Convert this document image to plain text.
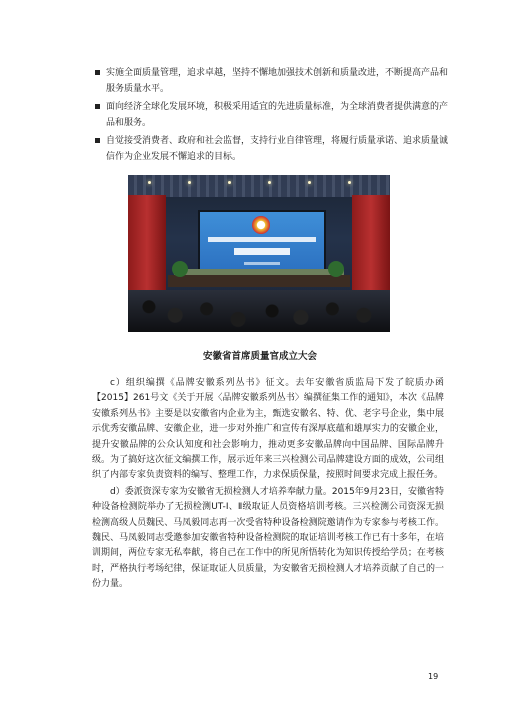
实施全面质量管理，追求卓越，坚持不懈地加强技术创新和质量改进，不断提高产品和服务质量水平。
面向经济全球化发展环境，积极采用适宜的先进质量标准，为全球消费者提供满意的产品和服务。
自觉接受消费者、政府和社会监督，支持行业自律管理，将履行质量承诺、追求质量诚信作为企业发展不懈追求的目标。
安徽省首席质量官成立大会

c）组织编撰《品牌安徽系列丛书》征文。去年安徽省质监局下发了皖质办函【2015】261号文《关于开展〈品牌安徽系列丛书〉编撰征集工作的通知》，本次《品牌安徽系列丛书》主要是以安徽省内企业为主，甄选安徽名、特、优、老字号企业，集中展示优秀安徽品牌、安徽企业，进一步对外推广和宣传有深厚底蕴和雄厚实力的安徽企业，提升安徽品牌的公众认知度和社会影响力，推动更多安徽品牌向中国品牌、国际品牌升级。为了搞好这次征文编撰工作，展示近年来三兴检测公司品牌建设方面的成效，公司组织了内部专家负责资料的编写、整理工作，力求保质保量，按照时间要求完成上报任务。

d）委派资深专家为安徽省无损检测人才培养奉献力量。2015年9月23日，安徽省特种设备检测院举办了无损检测UT-Ⅰ、Ⅱ级取证人员资格培训考核。三兴检测公司资深无损检测高级人员魏民、马凤毅同志再一次受省特种设备检测院邀请作为专家参与考核工作。魏民、马凤毅同志受邀参加安徽省特种设备检测院的取证培训考核工作已有十多年，在培训期间，两位专家无私奉献，将自己在工作中的所见所悟转化为知识传授给学员；在考核时，严格执行考场纪律，保证取证人员质量，为安徽省无损检测人才培养贡献了自己的一份力量。

19
